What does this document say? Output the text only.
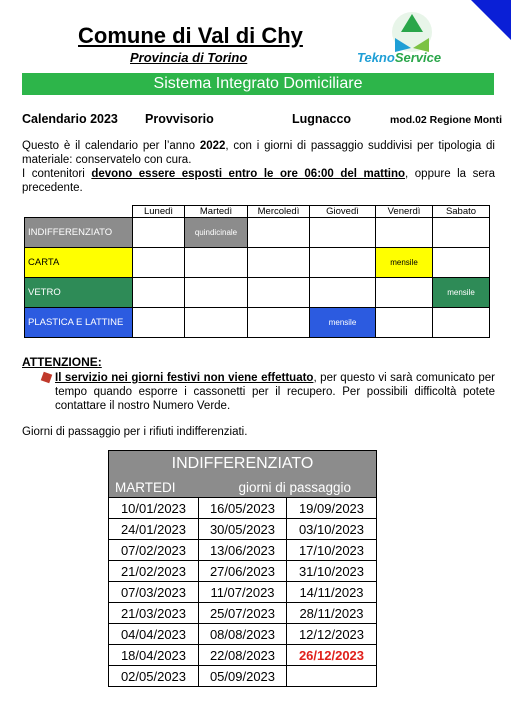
Comune di Val di Chy
Provincia di Torino	TeknoService
Sistema Integrato Domiciliare
Calendario 2023 Provvisorio	Lugnacco	mod.02 Regione Monti
Questo è il calendario per l’anno 2022, con i giorni di passaggio suddivisi per tipologia di materiale: conservatelo con cura.
I contenitori devono essere esposti entro le ore 06:00 del mattino, oppure la sera precedente.
	Lunedì	Martedì	Mercoledì	Giovedì	Venerdì	Sabato
INDIFFERENZIATO		quindicinale				
CARTA					mensile	
VETRO						mensile
PLASTICA E LATTINE				mensile		
ATTENZIONE:
Il servizio nei giorni festivi non viene effettuato, per questo vi sarà comunicato per tempo quando esporre i cassonetti per il recupero. Per possibili difficoltà potete contattare il nostro Numero Verde.
Giorni di passaggio per i rifiuti indifferenziati.
INDIFFERENZIATO		

MARTEDI giorni di passaggio		
10/01/2023	16/05/2023	19/09/2023
24/01/2023	30/05/2023	03/10/2023
07/02/2023	13/06/2023	17/10/2023
21/02/2023	27/06/2023	31/10/2023
07/03/2023	11/07/2023	14/11/2023
21/03/2023	25/07/2023	28/11/2023
04/04/2023	08/08/2023	12/12/2023
18/04/2023	22/08/2023	26/12/2023
02/05/2023	05/09/2023	
